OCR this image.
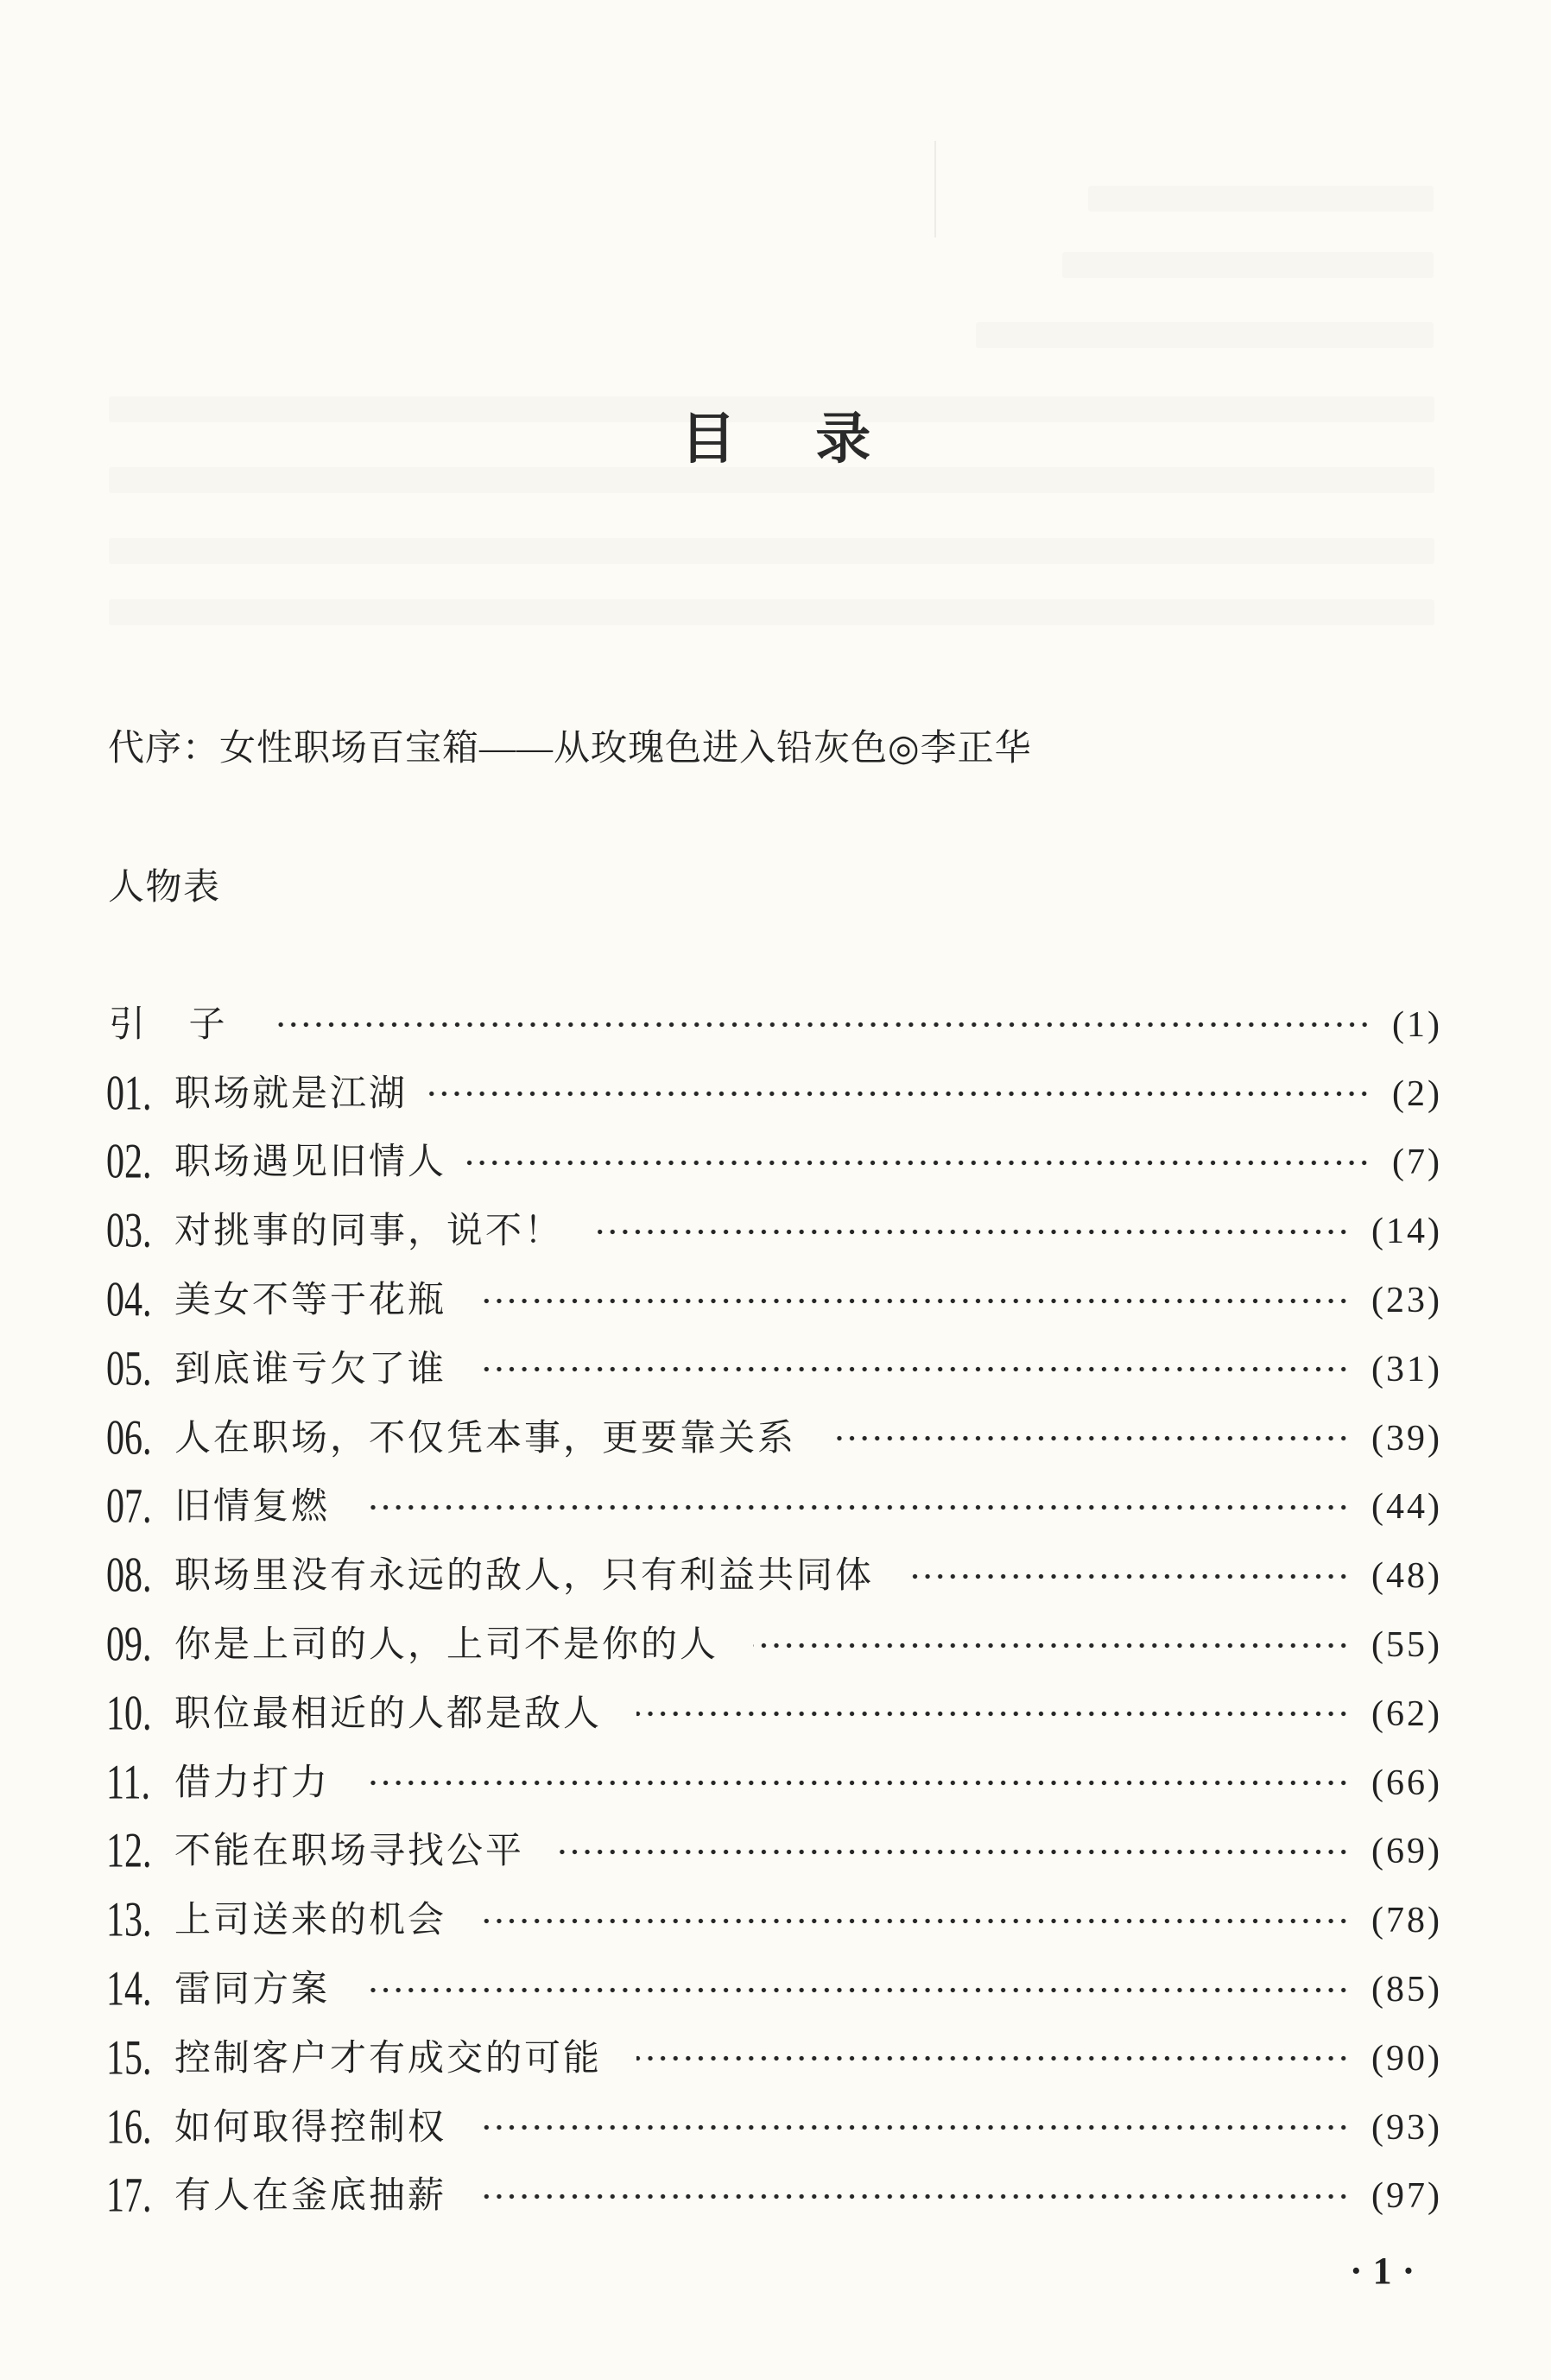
目 录
代序：女性职场百宝箱——从玫瑰色进入铅灰色◎李正华
人物表
引 子	(1)
01. 职场就是江湖	(2)
02. 职场遇见旧情人	(7)
03. 对挑事的同事，说不！	(14)
04. 美女不等于花瓶	(23)
05. 到底谁亏欠了谁	(31)
06. 人在职场，不仅凭本事，更要靠关系	(39)
07. 旧情复燃	(44)
08. 职场里没有永远的敌人，只有利益共同体	(48)
09. 你是上司的人，上司不是你的人	(55)
10. 职位最相近的人都是敌人	(62)
11. 借力打力	(66)
12. 不能在职场寻找公平	(69)
13. 上司送来的机会	(78)
14. 雷同方案	(85)
15. 控制客户才有成交的可能	(90)
16. 如何取得控制权	(93)
17. 有人在釜底抽薪	(97)
·1·
